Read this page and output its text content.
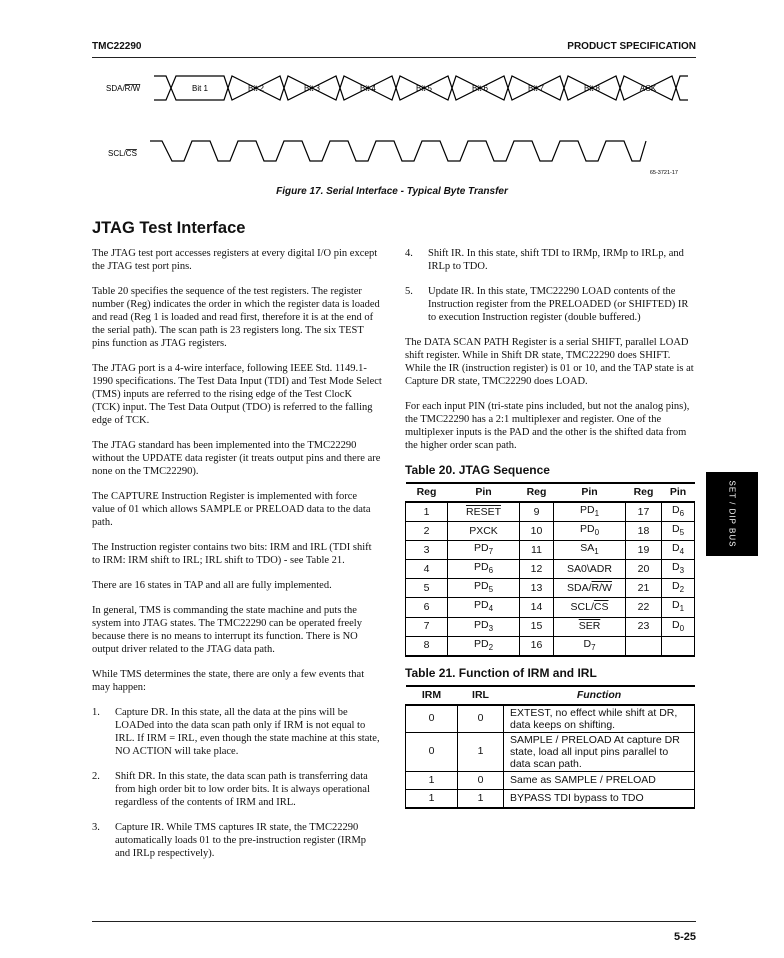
TMC22290	PRODUCT SPECIFICATION
SDA/R/W	Bit 1	Bit 2	Bit 3	Bit 4	Bit 5	Bit 6	Bit 7	Bit 8	ACK
SCL/CS
65-3721-17
Figure 17. Serial Interface - Typical Byte Transfer
JTAG Test Interface

The JTAG test port accesses registers at every digital I/O pin except the JTAG test port pins.

Table 20 specifies the sequence of the test registers. The register number (Reg) indicates the order in which the register data is loaded and read (Reg 1 is loaded and read first, therefore it is at the end of the serial path). The scan path is 23 registers long. The six TEST pins function as JTAG registers.

The JTAG port is a 4-wire interface, following IEEE Std. 1149.1-1990 specifications. The Test Data Input (TDI) and Test Mode Select (TMS) inputs are referred to the rising edge of the Test ClocK (TCK) input. The Test Data Output (TDO) is referred to the falling edge of TCK.

The JTAG standard has been implemented into the TMC22290 without the UPDATE data register (it treats output pins and there are none on the TMC22290).

The CAPTURE Instruction Register is implemented with force value of 01 which allows SAMPLE or PRELOAD data to the data path.

The Instruction register contains two bits: IRM and IRL (TDI shift to IRM: IRM shift to IRL; IRL shift to TDO) - see Table 21.

There are 16 states in TAP and all are fully implemented.

In general, TMS is commanding the state machine and puts the system into JTAG states. The TMC22290 can be operated freely because there is no means to interrupt its function. There is NO output driver related to the JTAG data path.

While TMS determines the state, there are only a few events that may happen:

1.	Capture DR. In this state, all the data at the pins will be LOADed into the data scan path only if IRM is not equal to IRL. If IRM = IRL, even though the state machine at this state, NO ACTION will take place.
2.	Shift DR. In this state, the data scan path is transferring data from high order bit to low order bits. It is always operational regardless of the contents of IRM and IRL.
3.	Capture IR. While TMS captures IR state, the TMC22290 automatically loads 01 to the pre-instruction register (IRMp and IRLp respectively).
4.	Shift IR. In this state, shift TDI to IRMp, IRMp to IRLp, and IRLp to TDO.
5.	Update IR. In this state, TMC22290 LOAD contents of the Instruction register from the PRELOADED (or SHIFTED) IR to execution Instruction register (double buffered.)

The DATA SCAN PATH Register is a serial SHIFT, parallel LOAD shift register. While in Shift DR state, TMC22290 does SHIFT. While the IR (instruction register) is 01 or 10, and the TAP state is at Capture DR state, TMC22290 does LOAD.

For each input PIN (tri-state pins included, but not the analog pins), the TMC22290 has a 2:1 multiplexer and register. One of the multiplexer inputs is the PAD and the other is the shifted data from the higher order scan path.

Table 20. JTAG Sequence
Reg	Pin	Reg	Pin	Reg	Pin
1	RESET	9	$PD_1$	17	$D_6$
2	PXCK	10	$PD_0$	18	$D_5$
3	$PD_7$	11	$SA_1$	19	$D_4$
4	$PD_6$	12	SA0\ADR	20	$D_3$
5	$PD_5$	13	SDA/R/W	21	$D_2$
6	$PD_4$	14	SCL/$\overline{CS}$	22	$D_1$
7	$PD_3$	15	$\overline{SER}$	23	$D_0$
8	$PD_2$	16	$D_7$		
Table 21. Function of IRM and IRL
IRM	IRL	Function
0	0	EXTEST, no effect while shift at DR, data keeps on shifting.
0	1	SAMPLE / PRELOAD At capture DR state, load all input pins parallel to data scan path.
1	0	Same as SAMPLE / PRELOAD
1	1	BYPASS TDI bypass to TDO
SET / DIP BUS
5-25
